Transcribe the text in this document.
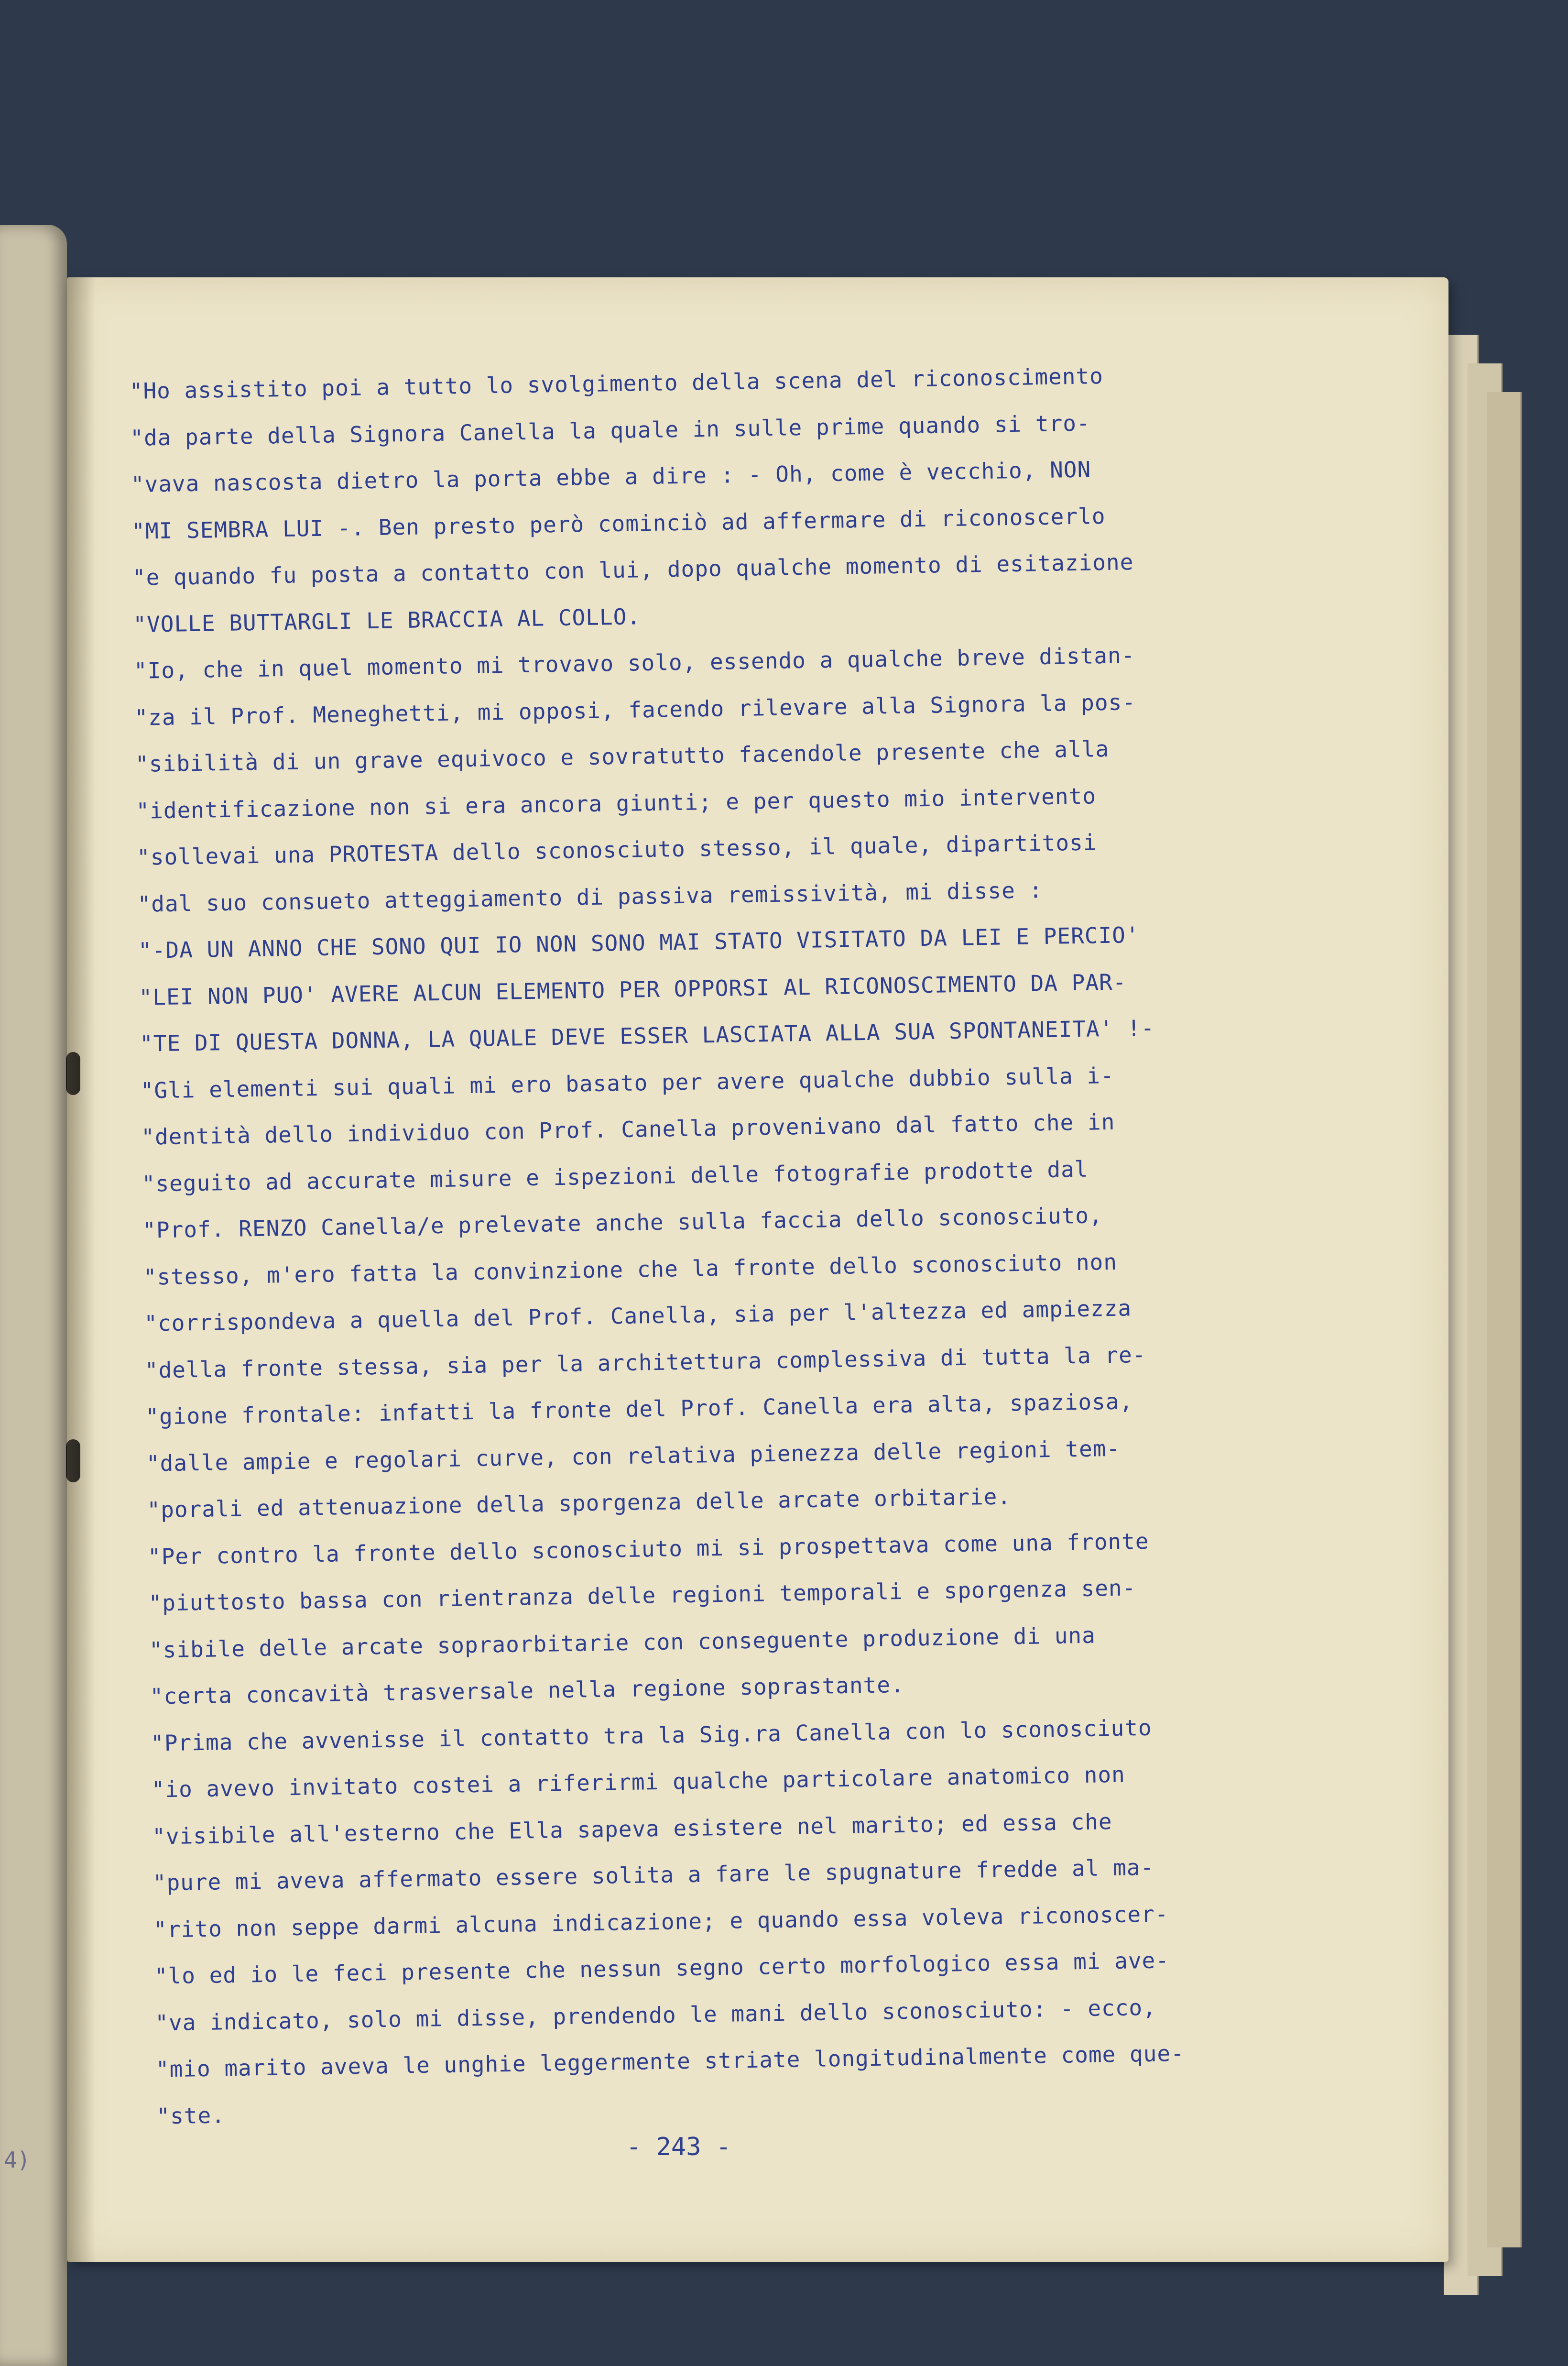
"Ho assistito poi a tutto lo svolgimento della scena del riconoscimento
"da parte della Signora Canella la quale in sulle prime quando si tro-
"vava nascosta dietro la porta ebbe a dire : - Oh, come è vecchio, NON
"MI SEMBRA LUI -. Ben presto però cominciò ad affermare di riconoscerlo
"e quando fu posta a contatto con lui, dopo qualche momento di esitazione
"VOLLE BUTTARGLI LE BRACCIA AL COLLO.
"Io, che in quel momento mi trovavo solo, essendo a qualche breve distan-
"za il Prof. Meneghetti, mi opposi, facendo rilevare alla Signora la pos-
"sibilità di un grave equivoco e sovratutto facendole presente che alla
"identificazione non si era ancora giunti; e per questo mio intervento
"sollevai una PROTESTA dello sconosciuto stesso, il quale, dipartitosi
"dal suo consueto atteggiamento di passiva remissività, mi disse :
"-DA UN ANNO CHE SONO QUI IO NON SONO MAI STATO VISITATO DA LEI E PERCIO'
"LEI NON PUO' AVERE ALCUN ELEMENTO PER OPPORSI AL RICONOSCIMENTO DA PAR-
"TE DI QUESTA DONNA, LA QUALE DEVE ESSER LASCIATA ALLA SUA SPONTANEITA' !-
"Gli elementi sui quali mi ero basato per avere qualche dubbio sulla i-
"dentità dello individuo con Prof. Canella provenivano dal fatto che in
"seguito ad accurate misure e ispezioni delle fotografie prodotte dal
"Prof. RENZO Canella/e prelevate anche sulla faccia dello sconosciuto,
"stesso, m'ero fatta la convinzione che la fronte dello sconosciuto non
"corrispondeva a quella del Prof. Canella, sia per l'altezza ed ampiezza
"della fronte stessa, sia per la architettura complessiva di tutta la re-
"gione frontale: infatti la fronte del Prof. Canella era alta, spaziosa,
"dalle ampie e regolari curve, con relativa pienezza delle regioni tem-
"porali ed attenuazione della sporgenza delle arcate orbitarie.
"Per contro la fronte dello sconosciuto mi si prospettava come una fronte
"piuttosto bassa con rientranza delle regioni temporali e sporgenza sen-
"sibile delle arcate sopraorbitarie con conseguente produzione di una
"certa concavità trasversale nella regione soprastante.
"Prima che avvenisse il contatto tra la Sig.ra Canella con lo sconosciuto
"io avevo invitato costei a riferirmi qualche particolare anatomico non
"visibile all'esterno che Ella sapeva esistere nel marito; ed essa che
"pure mi aveva affermato essere solita a fare le spugnature fredde al ma-
"rito non seppe darmi alcuna indicazione; e quando essa voleva riconoscer-
"lo ed io le feci presente che nessun segno certo morfologico essa mi ave-
"va indicato, solo mi disse, prendendo le mani dello sconosciuto: - ecco,
"mio marito aveva le unghie leggermente striate longitudinalmente come que-
"ste.
- 243 -
4)
